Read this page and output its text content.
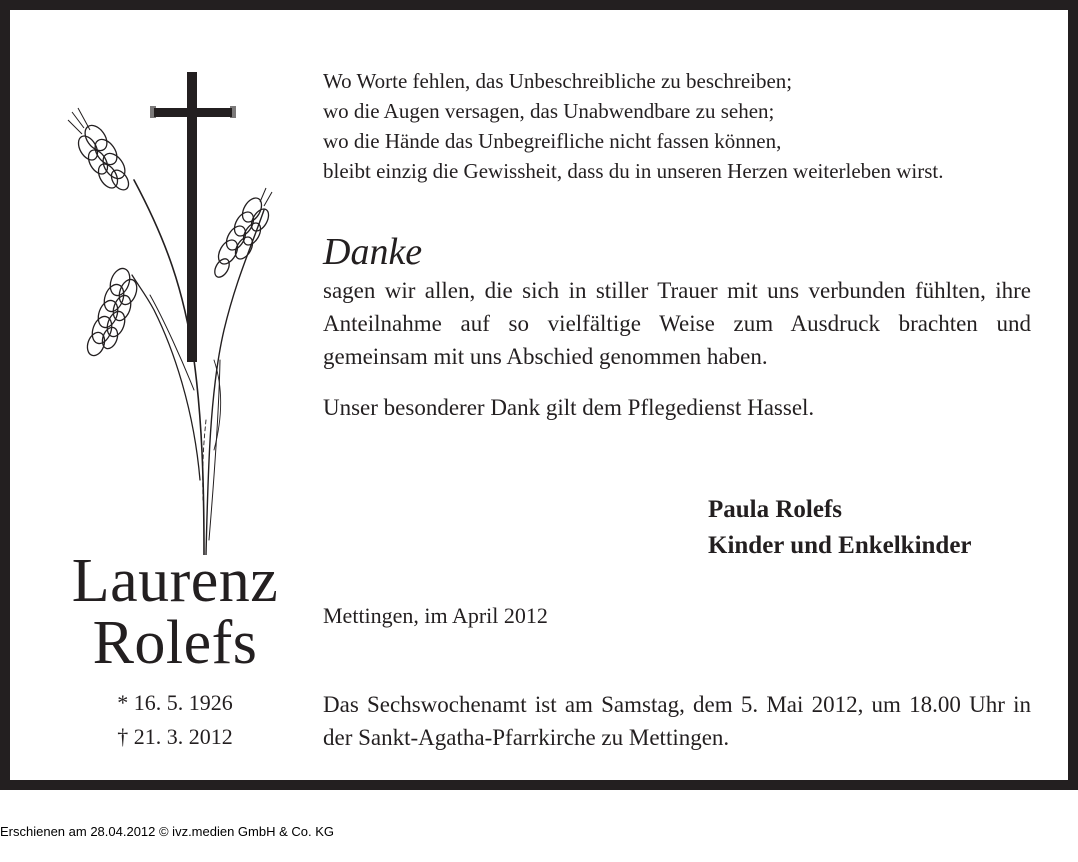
Laurenz
Rolefs
* 16. 5. 1926
† 21. 3. 2012
Wo Worte fehlen, das Unbeschreibliche zu beschreiben;
wo die Augen versagen, das Unabwendbare zu sehen;
wo die Hände das Unbegreifliche nicht fassen können,
bleibt einzig die Gewissheit, dass du in unseren Herzen weiterleben wirst.
Danke
sagen wir allen, die sich in stiller Trauer mit uns verbunden fühlten, ihre Anteilnahme auf so vielfältige Weise zum Ausdruck brachten und gemeinsam mit uns Abschied genommen haben.
Unser besonderer Dank gilt dem Pflegedienst Hassel.
Paula Rolefs
Kinder und Enkelkinder
Mettingen, im April 2012
Das Sechswochenamt ist am Samstag, dem 5. Mai 2012, um 18.00 Uhr in der Sankt-Agatha-Pfarrkirche zu Mettingen.
Erschienen am 28.04.2012 © ivz.medien GmbH & Co. KG
